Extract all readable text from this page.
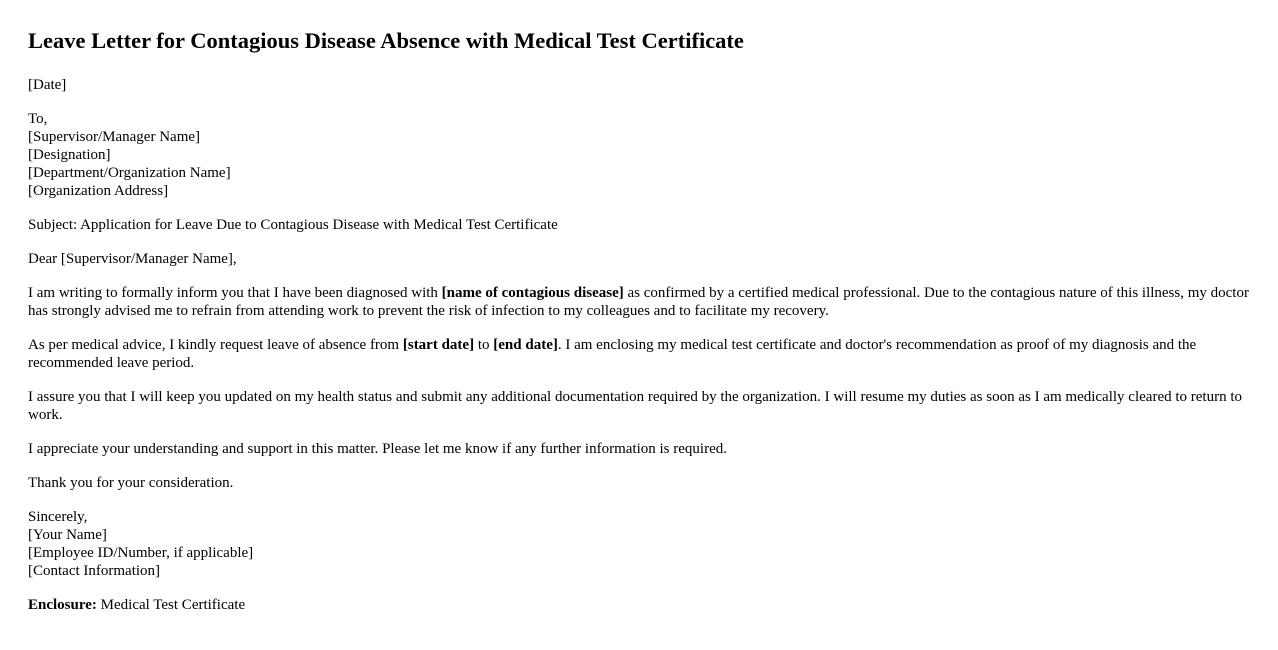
Leave Letter for Contagious Disease Absence with Medical Test Certificate

[Date]

To,
[Supervisor/Manager Name]
[Designation]
[Department/Organization Name]
[Organization Address]

Subject: Application for Leave Due to Contagious Disease with Medical Test Certificate

Dear [Supervisor/Manager Name],

I am writing to formally inform you that I have been diagnosed with [name of contagious disease] as confirmed by a certified medical professional. Due to the contagious nature of this illness, my doctor has strongly advised me to refrain from attending work to prevent the risk of infection to my colleagues and to facilitate my recovery.

As per medical advice, I kindly request leave of absence from [start date] to [end date]. I am enclosing my medical test certificate and doctor's recommendation as proof of my diagnosis and the recommended leave period.

I assure you that I will keep you updated on my health status and submit any additional documentation required by the organization. I will resume my duties as soon as I am medically cleared to return to work.

I appreciate your understanding and support in this matter. Please let me know if any further information is required.

Thank you for your consideration.

Sincerely,
[Your Name]
[Employee ID/Number, if applicable]
[Contact Information]

Enclosure: Medical Test Certificate
